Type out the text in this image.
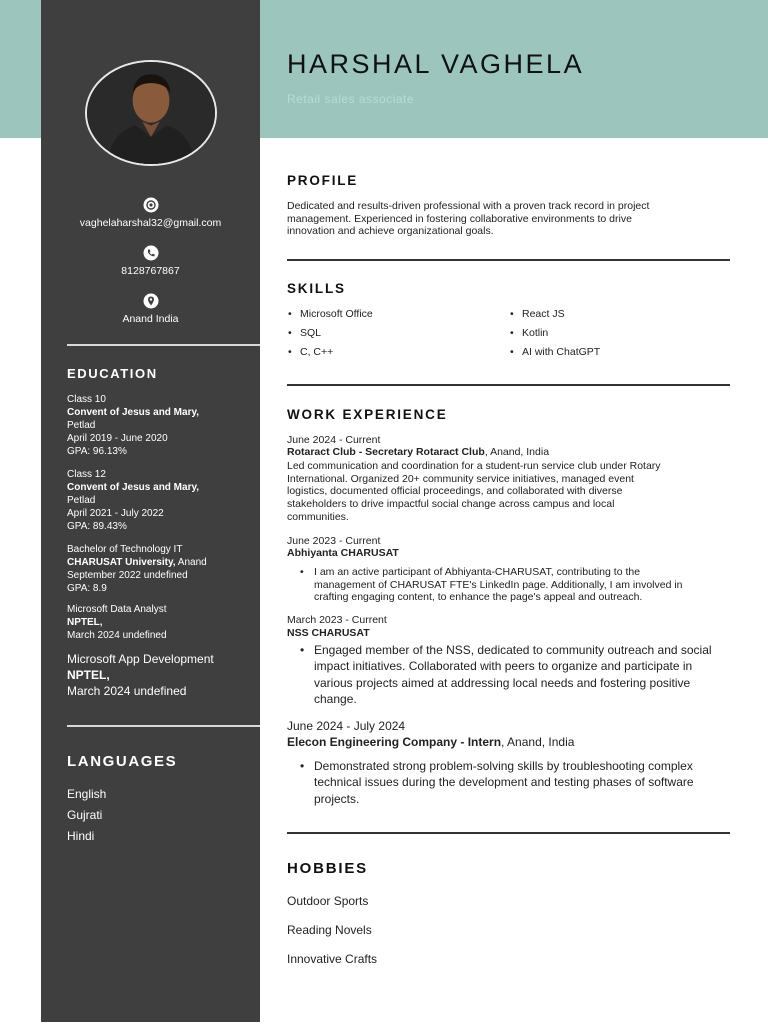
vaghelaharshal32@gmail.com
8128767867
Anand India
EDUCATION
Class 10
Convent of Jesus and Mary,
Petlad
April 2019 - June 2020
GPA: 96.13%
Class 12
Convent of Jesus and Mary,
Petlad
April 2021 - July 2022
GPA: 89.43%
Bachelor of Technology IT
CHARUSAT University, Anand
September 2022 undefined
GPA: 8.9
Microsoft Data Analyst
NPTEL,
March 2024 undefined
Microsoft App Development
NPTEL,
March 2024 undefined
LANGUAGES
English
Gujrati
Hindi
HARSHAL VAGHELA
Retail sales associate
PROFILE
Dedicated and results-driven professional with a proven track record in project
management. Experienced in fostering collaborative environments to drive
innovation and achieve organizational goals.
SKILLS
• Microsoft Office
• SQL
• C, C++
• React JS
• Kotlin
• AI with ChatGPT
WORK EXPERIENCE
June 2024 - Current
Rotaract Club - Secretary Rotaract Club, Anand, India
Led communication and coordination for a student-run service club under Rotary
International. Organized 20+ community service initiatives, managed event
logistics, documented official proceedings, and collaborated with diverse
stakeholders to drive impactful social change across campus and local
communities.
June 2023 - Current
Abhiyanta CHARUSAT
• I am an active participant of Abhiyanta-CHARUSAT, contributing to the
management of CHARUSAT FTE's LinkedIn page. Additionally, I am involved in
crafting engaging content, to enhance the page's appeal and outreach.
March 2023 - Current
NSS CHARUSAT
• Engaged member of the NSS, dedicated to community outreach and social
impact initiatives. Collaborated with peers to organize and participate in
various projects aimed at addressing local needs and fostering positive
change.
June 2024 - July 2024
Elecon Engineering Company - Intern, Anand, India
• Demonstrated strong problem-solving skills by troubleshooting complex
technical issues during the development and testing phases of software
projects.
HOBBIES
Outdoor Sports
Reading Novels
Innovative Crafts
